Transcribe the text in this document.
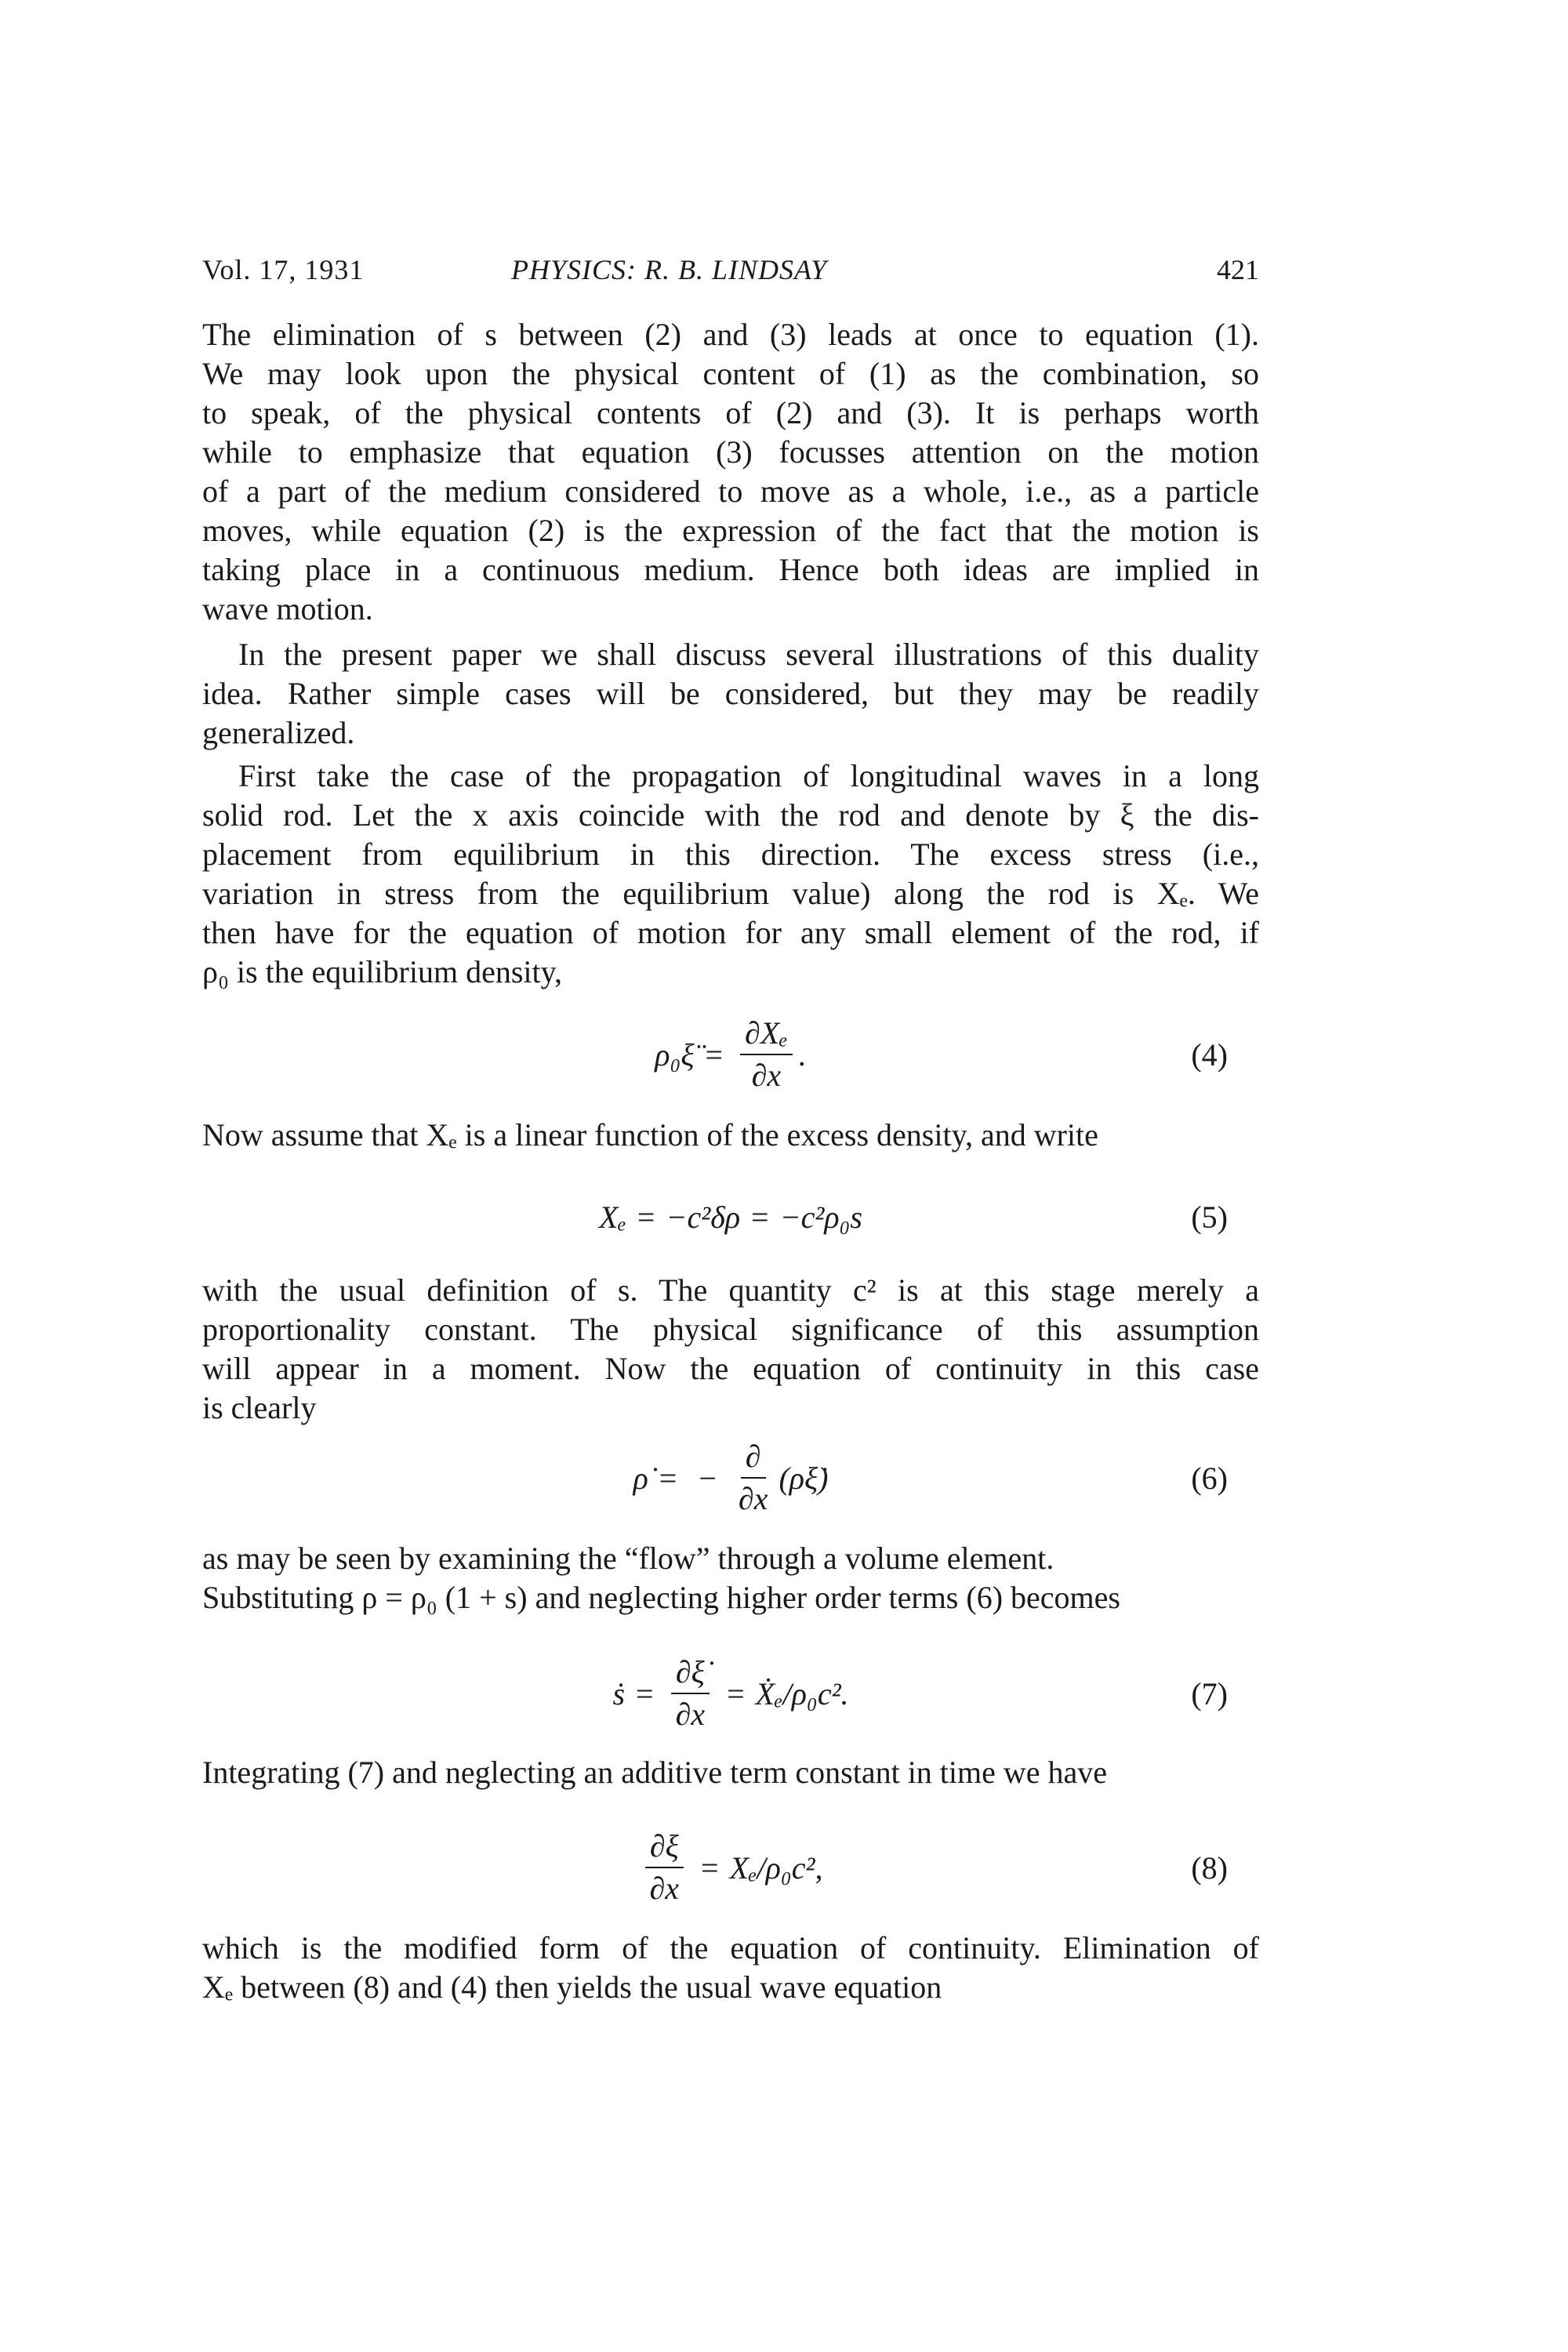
Vol. 17, 1931	PHYSICS: R. B. LINDSAY	421
The elimination of s between (2) and (3) leads at once to equation (1).
We may look upon the physical content of (1) as the combination, so
to speak, of the physical contents of (2) and (3). It is perhaps worth
while to emphasize that equation (3) focusses attention on the motion
of a part of the medium considered to move as a whole, i.e., as a particle
moves, while equation (2) is the expression of the fact that the motion is
taking place in a continuous medium. Hence both ideas are implied in
wave motion.
In the present paper we shall discuss several illustrations of this duality
idea. Rather simple cases will be considered, but they may be readily
generalized.
First take the case of the propagation of longitudinal waves in a long
solid rod. Let the x axis coincide with the rod and denote by ξ the dis-
placement from equilibrium in this direction. The excess stress (i.e.,
variation in stress from the equilibrium value) along the rod is Xₑ. We
then have for the equation of motion for any small element of the rod, if
ρ₀ is the equilibrium density,
ρ₀ξ̈ = $\frac{\text{∂Xₑ}}{\partial x}$ .	(4)
Now assume that Xₑ is a linear function of the excess density, and write
Xₑ = −c²δρ = −c²ρ₀s	(5)
with the usual definition of s. The quantity c² is at this stage merely a
proportionality constant. The physical significance of this assumption
will appear in a moment. Now the equation of continuity in this case
is clearly
ρ̇ = − $\frac{\partial}{\partial x}$ (ρξ̇)	(6)
as may be seen by examining the “flow” through a volume element.
Substituting ρ = ρ₀ (1 + s) and neglecting higher order terms (6) becomes
ṡ = $\frac{\partial\xi̇}{\partial x}$ = Ẋₑ/ρ₀c².	(7)
Integrating (7) and neglecting an additive term constant in time we have
$\frac{\partial\xi}{\partial x} = X_e/\rho_0c^2$,	(8)
which is the modified form of the equation of continuity. Elimination of
Xₑ between (8) and (4) then yields the usual wave equation
